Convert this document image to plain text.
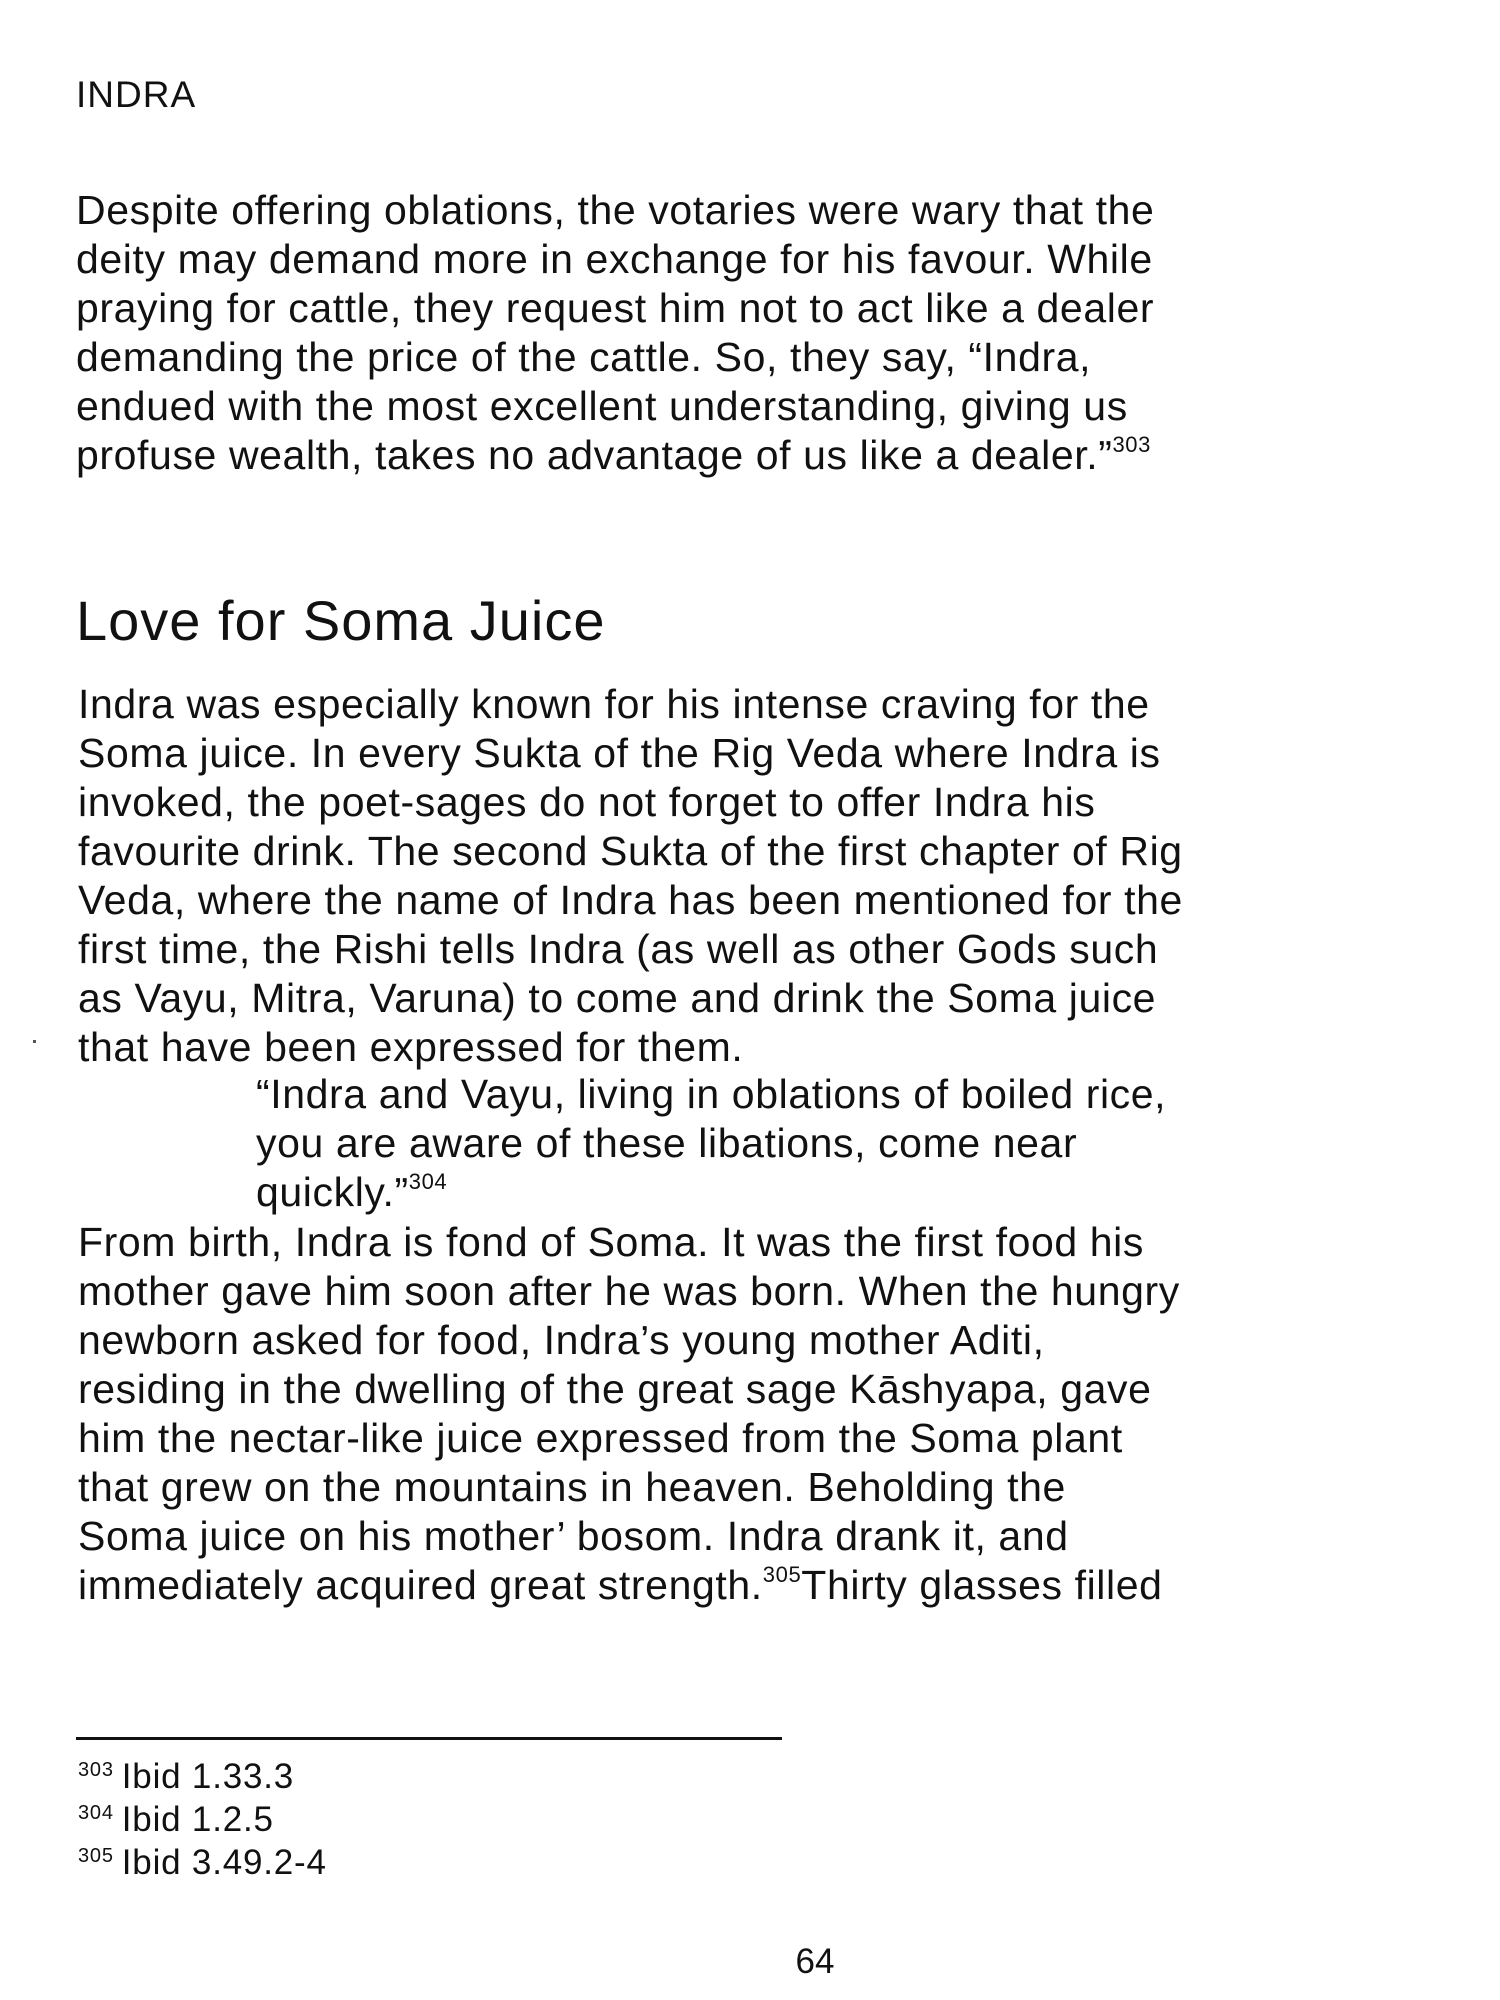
INDRA

Despite offering oblations, the votaries were wary that the
deity may demand more in exchange for his favour. While
praying for cattle, they request him not to act like a dealer
demanding the price of the cattle. So, they say, “Indra,
endued with the most excellent understanding, giving us
profuse wealth, takes no advantage of us like a dealer.”$^{303}$

Love for Soma Juice

Indra was especially known for his intense craving for the
Soma juice. In every Sukta of the Rig Veda where Indra is
invoked, the poet-sages do not forget to offer Indra his
favourite drink. The second Sukta of the first chapter of Rig
Veda, where the name of Indra has been mentioned for the
first time, the Rishi tells Indra (as well as other Gods such
as Vayu, Mitra, Varuna) to come and drink the Soma juice
that have been expressed for them.

“Indra and Vayu, living in oblations of boiled rice,
you are aware of these libations, come near
quickly.”$^{304}$

From birth, Indra is fond of Soma. It was the first food his
mother gave him soon after he was born. When the hungry
newborn asked for food, Indra’s young mother Aditi,
residing in the dwelling of the great sage Kāshyapa, gave
him the nectar-like juice expressed from the Soma plant
that grew on the mountains in heaven. Beholding the
Soma juice on his mother’ bosom. Indra drank it, and
immediately acquired great strength.$^{305}$Thirty glasses filled

$^{303}$ Ibid 1.33.3
$^{304}$ Ibid 1.2.5
$^{305}$ Ibid 3.49.2-4

64
